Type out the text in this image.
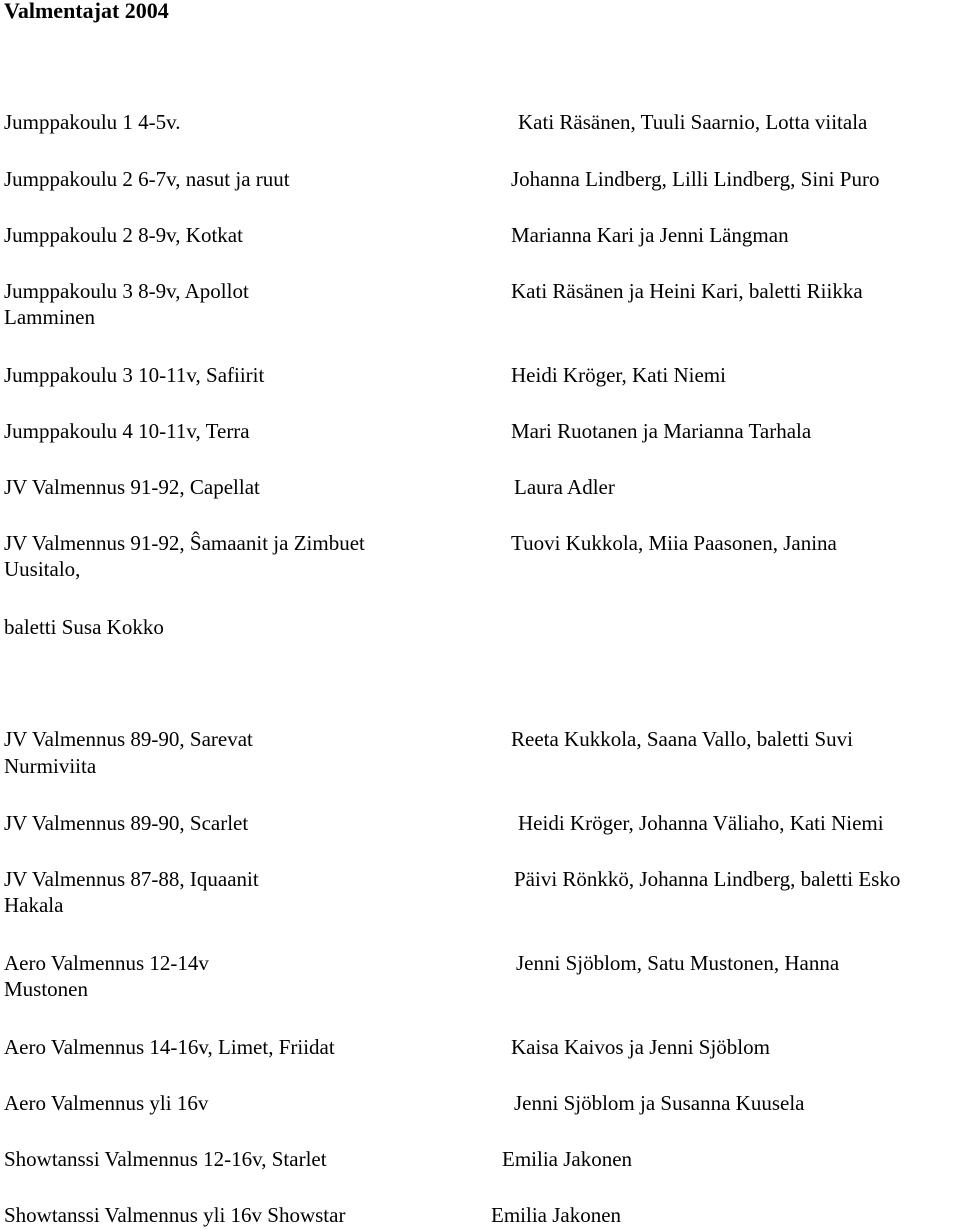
Valmentajat 2004
Jumppakoulu 1 4-5v.
Jumppakoulu 2 6-7v, nasut ja ruut
Jumppakoulu 2 8-9v, Kotkat
Jumppakoulu 3 8-9v, Apollot
Lamminen
Jumppakoulu 3 10-11v, Safiirit
Jumppakoulu 4 10-11v, Terra
JV Valmennus 91-92, Capellat
JV Valmennus 91-92, Ŝamaanit ja Zimbuet
Uusitalo,
baletti Susa Kokko
Kati Räsänen, Tuuli Saarnio, Lotta viitala
Johanna Lindberg, Lilli Lindberg, Sini Puro
Marianna Kari ja Jenni Längman
Kati Räsänen ja Heini Kari, baletti Riikka
Heidi Kröger, Kati Niemi
Mari Ruotanen ja Marianna Tarhala
Laura Adler
Tuovi Kukkola, Miia Paasonen, Janina
JV Valmennus 89-90, Sarevat
Nurmiviita
JV Valmennus 89-90, Scarlet
JV Valmennus 87-88, Iquaanit
Hakala
Aero Valmennus 12-14v
Mustonen
Aero Valmennus 14-16v, Limet, Friidat
Aero Valmennus yli 16v
Showtanssi Valmennus 12-16v, Starlet
Showtanssi Valmennus yli 16v Showstar
Reeta Kukkola, Saana Vallo, baletti Suvi
Heidi Kröger, Johanna Väliaho, Kati Niemi
Päivi Rönkkö, Johanna Lindberg, baletti Esko
Jenni Sjöblom, Satu Mustonen, Hanna
Kaisa Kaivos ja Jenni Sjöblom
Jenni Sjöblom ja Susanna Kuusela
Emilia Jakonen
Emilia Jakonen
